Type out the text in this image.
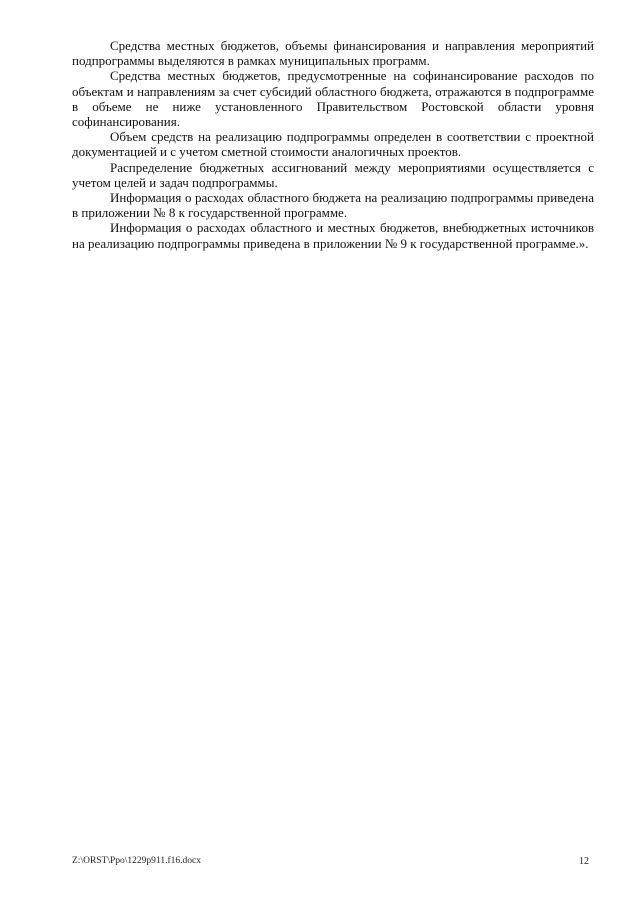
Средства местных бюджетов, объемы финансирования и направления мероприятий подпрограммы выделяются в рамках муниципальных программ.

Средства местных бюджетов, предусмотренные на софинансирование расходов по объектам и направлениям за счет субсидий областного бюджета, отражаются в подпрограмме в объеме не ниже установленного Правительством Ростовской области уровня софинансирования.

Объем средств на реализацию подпрограммы определен в соответствии с проектной документацией и с учетом сметной стоимости аналогичных проектов.

Распределение бюджетных ассигнований между мероприятиями осуществляется с учетом целей и задач подпрограммы.

Информация о расходах областного бюджета на реализацию подпрограммы приведена в приложении № 8 к государственной программе.

Информация о расходах областного и местных бюджетов, внебюджетных источников на реализацию подпрограммы приведена в приложении № 9 к государственной программе.».

Z:\ORST\Ppo\1229p911.f16.docx	12
